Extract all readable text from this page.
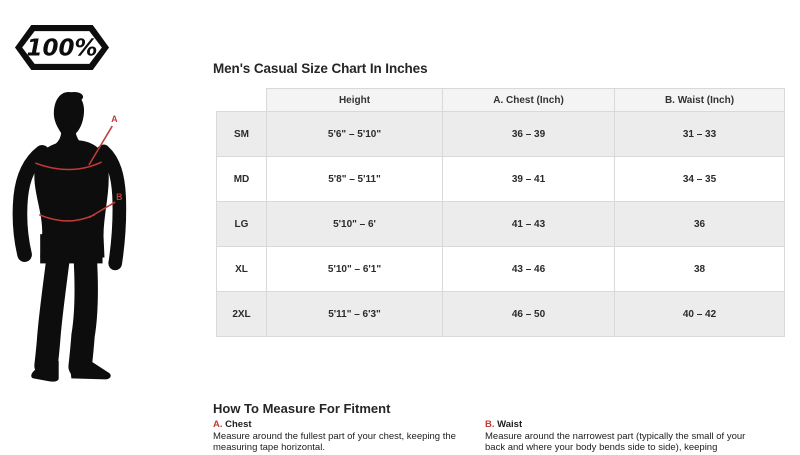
100%
A
B
Men's Casual Size Chart In Inches
	Height	A. Chest (Inch)	B. Waist (Inch)
SM	5'6" – 5'10"	36 – 39	31 – 33
MD	5'8" – 5'11"	39 – 41	34 – 35
LG	5'10" – 6'	41 – 43	36
XL	5'10" – 6'1"	43 – 46	38
2XL	5'11" – 6'3"	46 – 50	40 – 42
How To Measure For Fitment
A. Chest

Measure around the fullest part of your chest, keeping the measuring tape horizontal.

B. Waist

Measure around the narrowest part (typically the small of your back and where your body bends side to side), keeping
